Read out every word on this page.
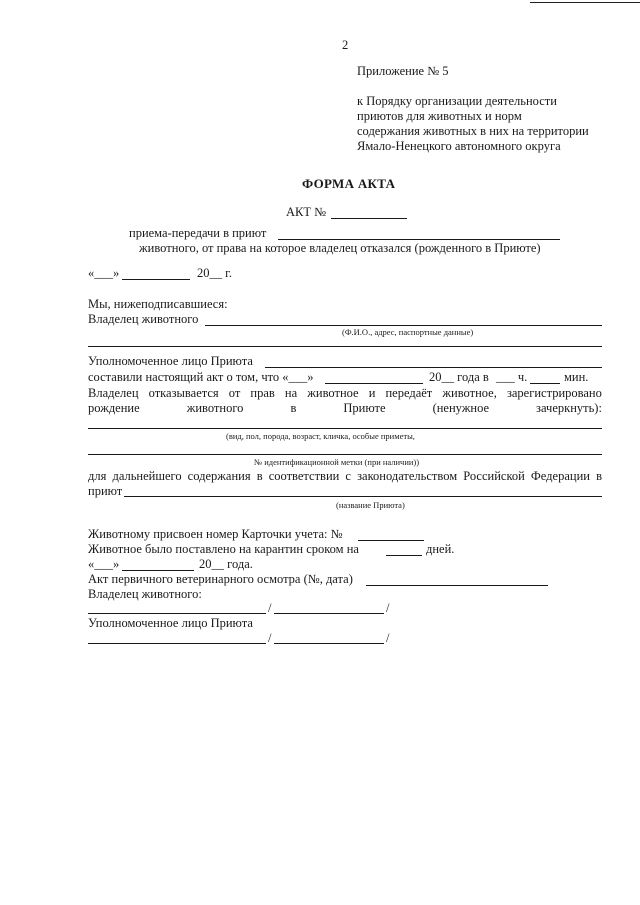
2
Приложение № 5
к Порядку организации деятельности
приютов для животных и норм
содержания животных в них на территории
Ямало-Ненецкого автономного округа
ФОРМА АКТА
АКТ №
приема-передачи в приют
животного, от права на которое владелец отказался (рожденного в Приюте)
«___»	20__ г.
Мы, нижеподписавшиеся:
Владелец животного
(Ф.И.О., адрес, паспортные данные)
Уполномоченное лицо Приюта
составили настоящий акт о том, что «___»	20__ года в ___ ч.	мин.
Владелец отказывается от прав на животное и передаёт животное, зарегистрировано
рождение	животного	в	Приюте	(ненужное	зачеркнуть):
(вид, пол, порода, возраст, кличка, особые приметы,
№ идентификационной метки (при наличии))
для дальнейшего содержания в соответствии с законодательством Российской Федерации в
приют
(название Приюта)
Животному присвоен номер Карточки учета: №
Животное было поставлено на карантин сроком на	дней.
«___»	20__ года.
Акт первичного ветеринарного осмотра (№, дата)
Владелец животного:
/	/
Уполномоченное лицо Приюта
/	/
